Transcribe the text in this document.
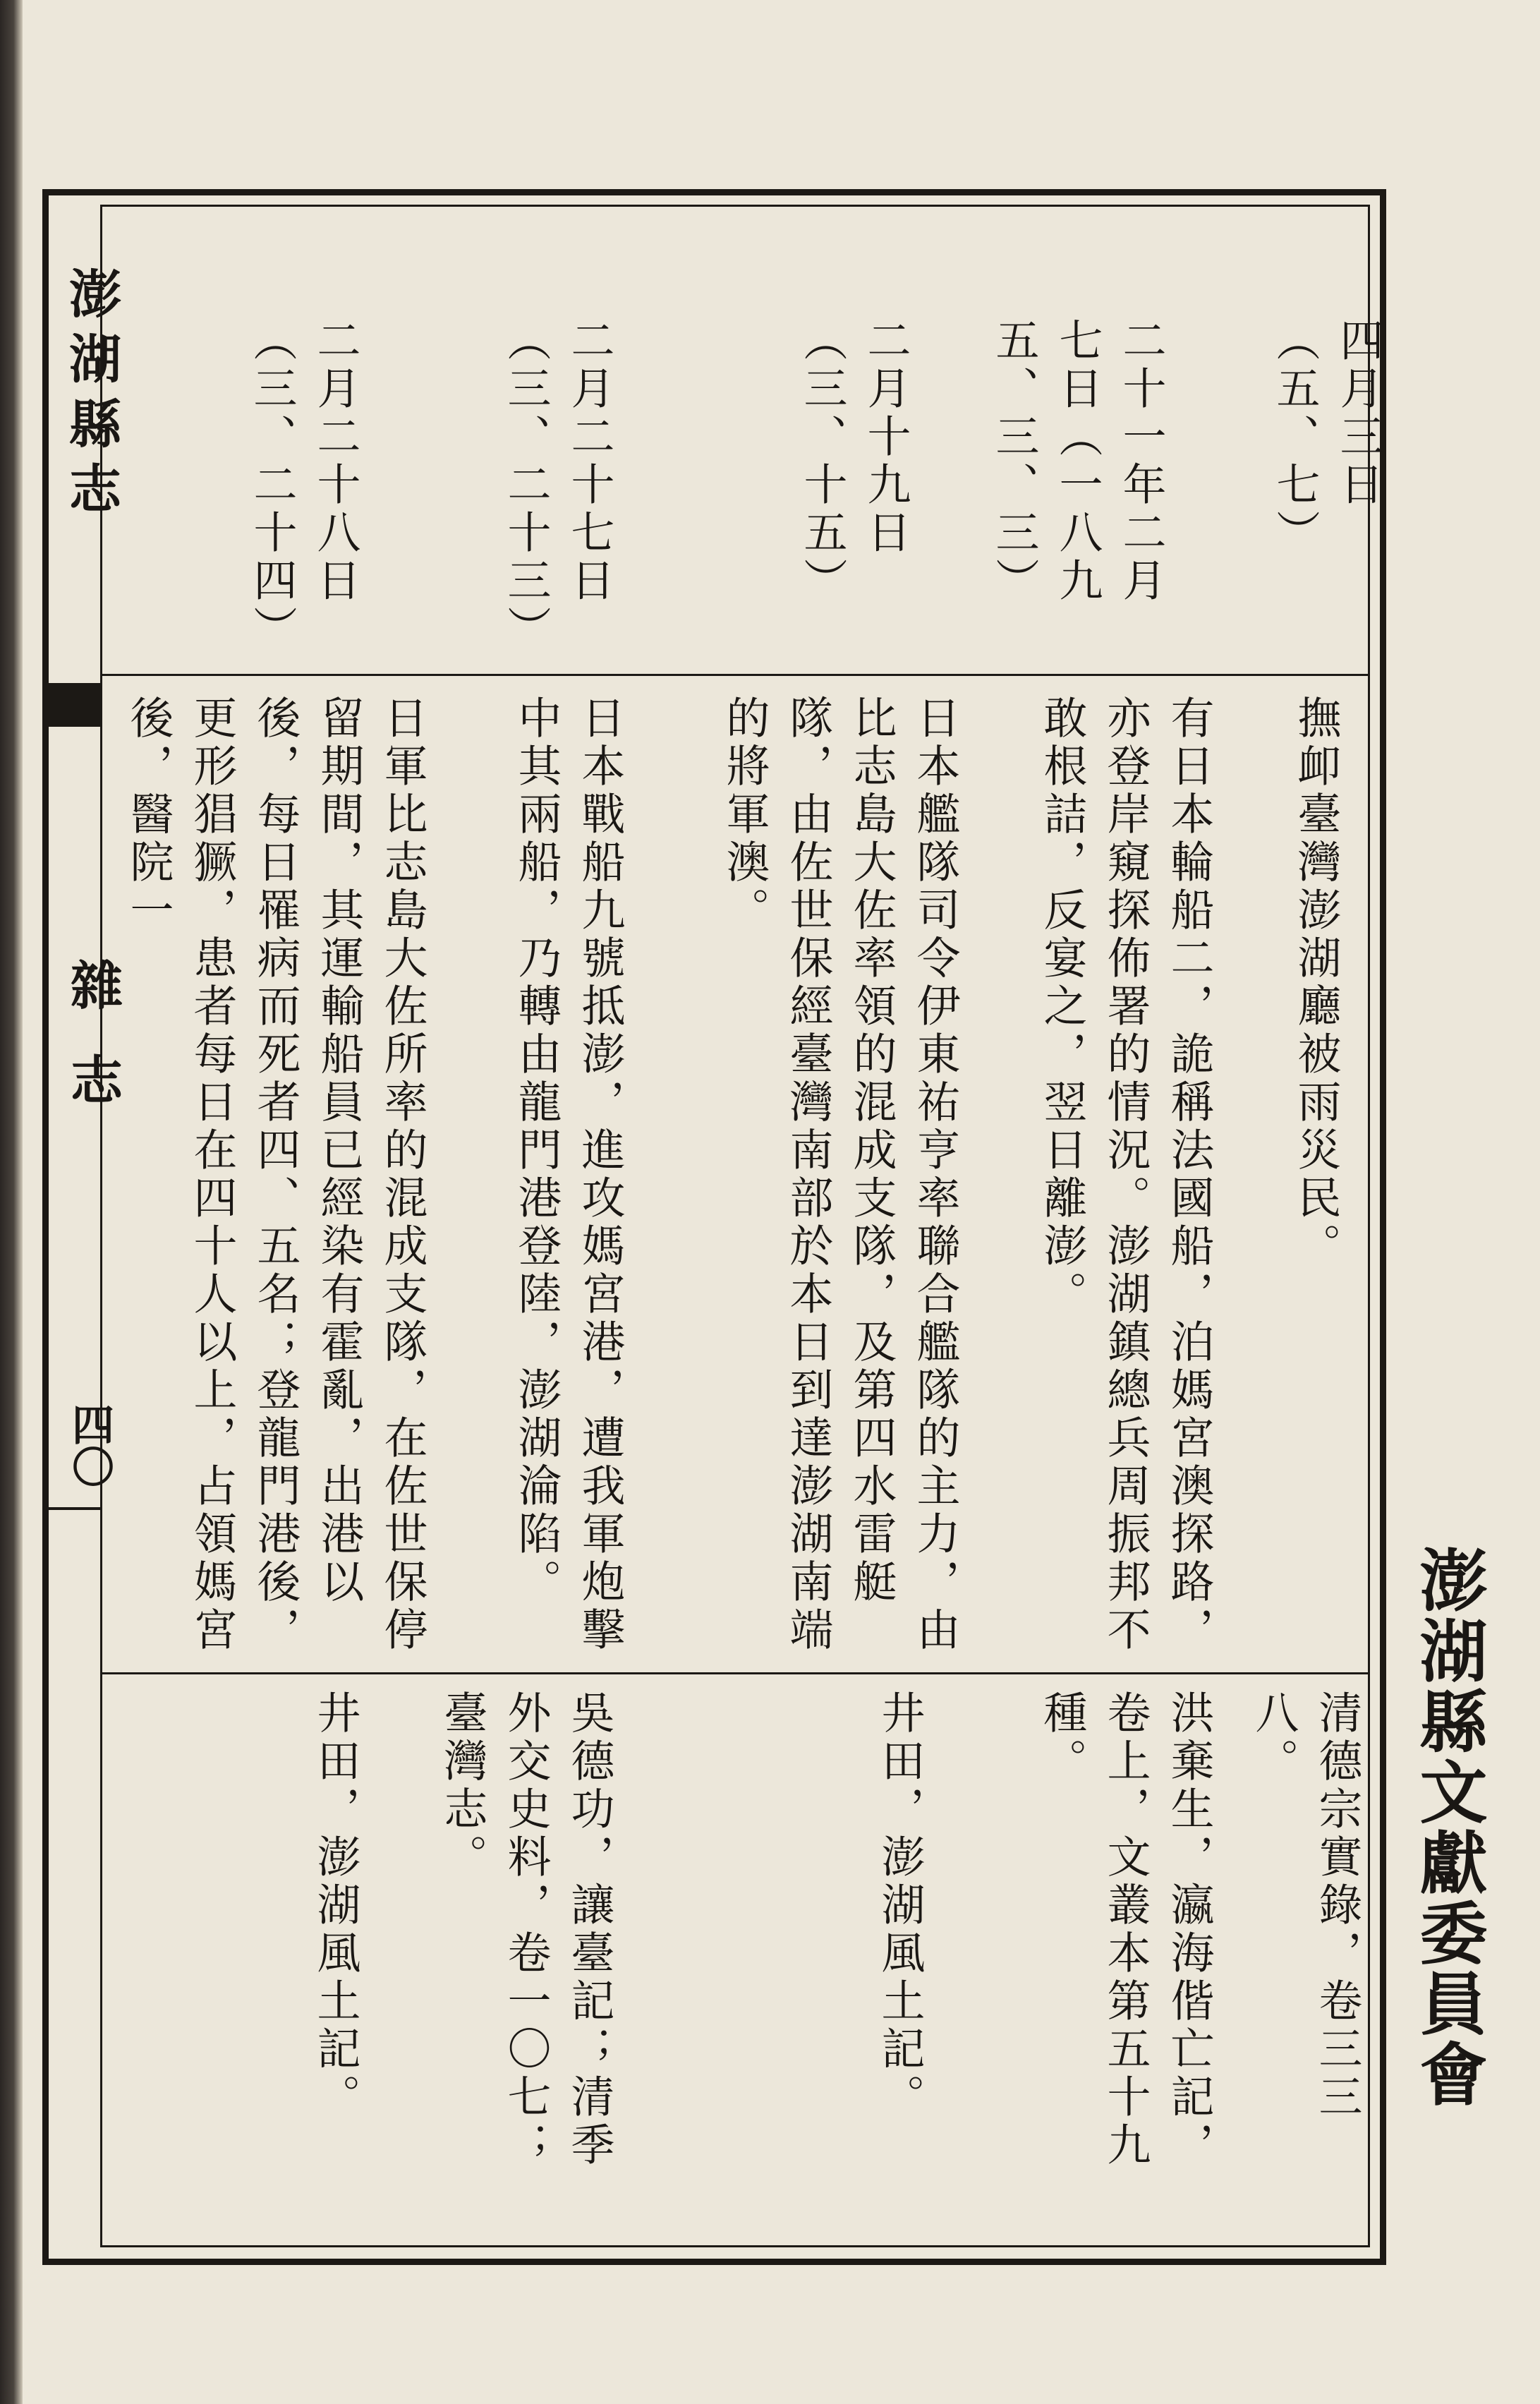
澎湖縣志
雜志
四〇
澎湖縣文獻委員會
四月三日（五、七）
撫卹臺灣澎湖廳被雨災民。
清德宗實錄，卷三三八。
二十一年二月七日（一八九五、三、三）
有日本輪船二，詭稱法國船，泊媽宮澳探路，亦登岸窺探佈署的情況。澎湖鎮總兵周振邦不敢根詰，反宴之，翌日離澎。
洪棄生，瀛海偕亡記，卷上，文叢本第五十九種。
二月十九日（三、十五）
日本艦隊司令伊東祐亨率聯合艦隊的主力，由比志島大佐率領的混成支隊，及第四水雷艇隊，由佐世保經臺灣南部於本日到達澎湖南端的將軍澳。
井田，澎湖風土記。
二月二十七日（三、二十三）
日本戰船九號抵澎，進攻媽宮港，遭我軍炮擊中其兩船，乃轉由龍門港登陸，澎湖淪陷。
吳德功，讓臺記；清季外交史料，卷一〇七；臺灣志。
二月二十八日（三、二十四）
日軍比志島大佐所率的混成支隊，在佐世保停留期間，其運輸船員已經染有霍亂，出港以後，每日罹病而死者四、五名；登龍門港後，更形猖獗，患者每日在四十人以上，占領媽宮後，醫院一
井田，澎湖風土記。
